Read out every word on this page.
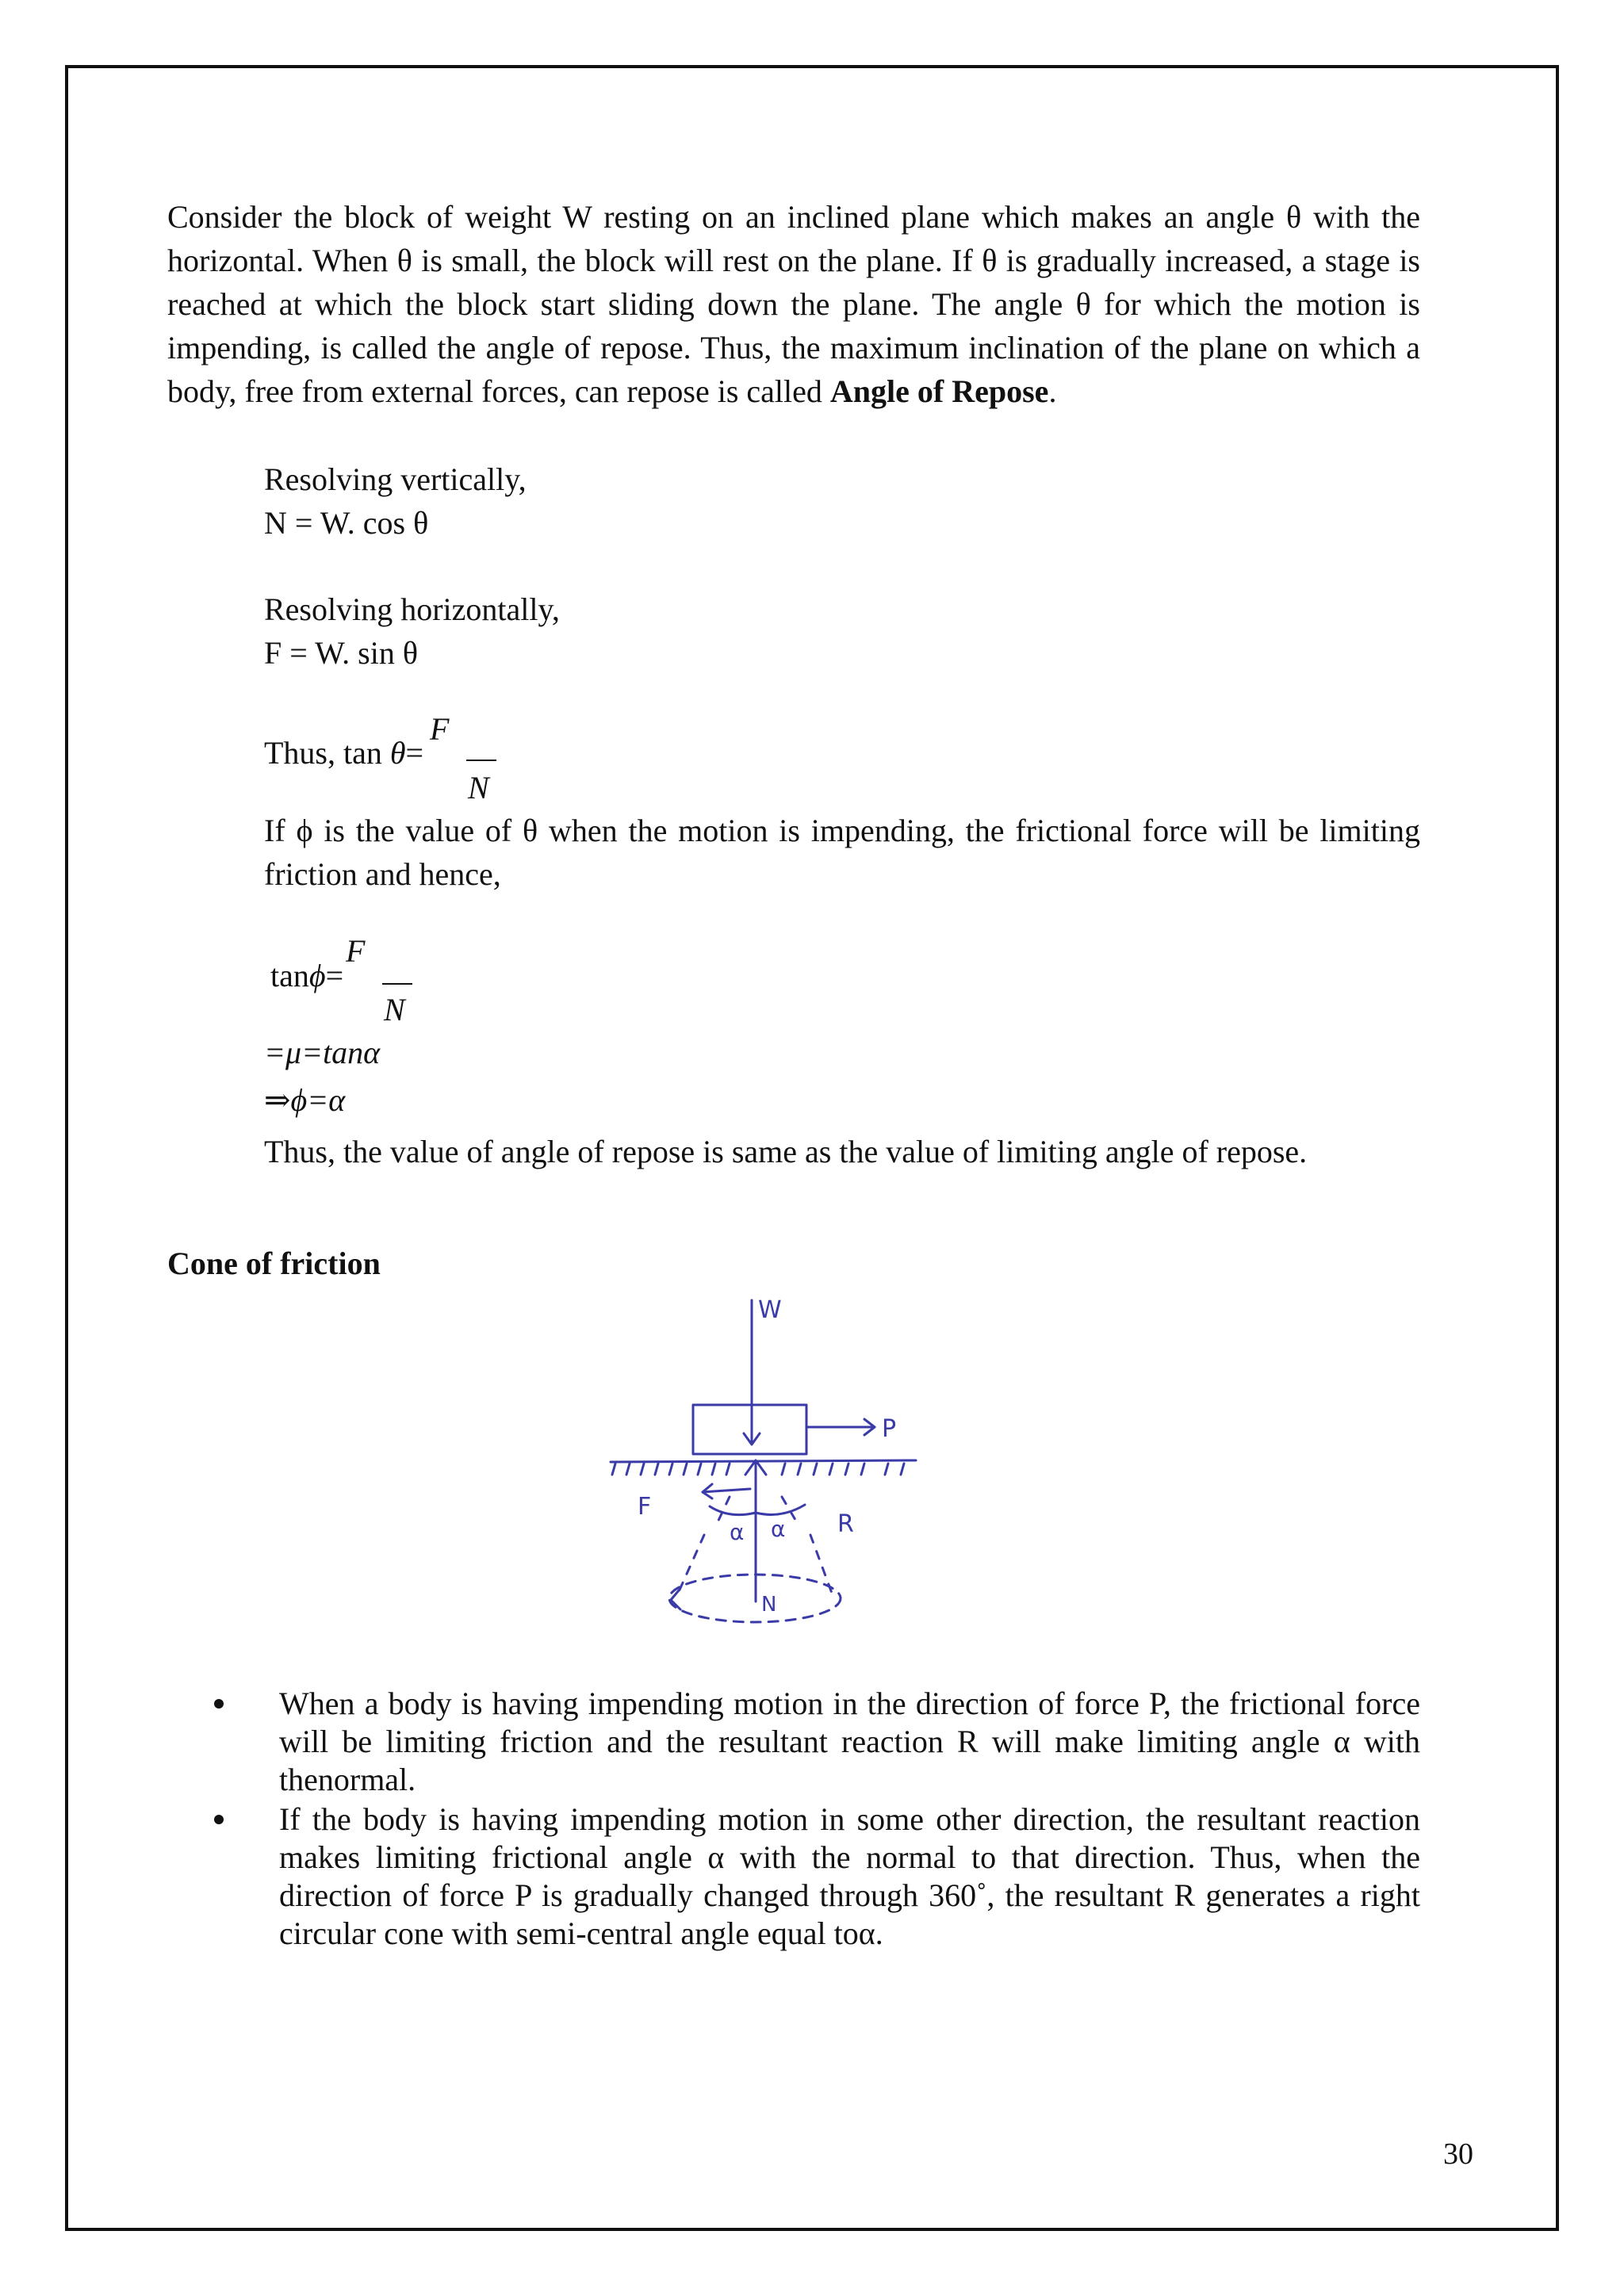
Consider the block of weight W resting on an inclined plane which makes an angle θ with the horizontal. When θ is small, the block will rest on the plane. If θ is gradually increased, a stage is reached at which the block start sliding down the plane. The angle θ for which the motion is impending, is called the angle of repose. Thus, the maximum inclination of the plane on which a body, free from external forces, can repose is called Angle of Repose.

Resolving vertically,
N = W. cos θ
Resolving horizontally,
F = W. sin θ
Thus, tan θ=
F
N

If ϕ is the value of θ when the motion is impending, the frictional force will be limiting friction and hence,

tanϕ=
F
N
=μ=tanα
⇒ϕ=α
Thus, the value of angle of repose is same as the value of limiting angle of repose.
Cone of friction
W
P
F
R
N
α α
When a body is having impending motion in the direction of force P, the frictional force will be limiting friction and the resultant reaction R will make limiting angle α with thenormal.
If the body is having impending motion in some other direction, the resultant reaction makes limiting frictional angle α with the normal to that direction. Thus, when the direction of force P is gradually changed through 360˚, the resultant R generates a right circular cone with semi-central angle equal toα.
30
